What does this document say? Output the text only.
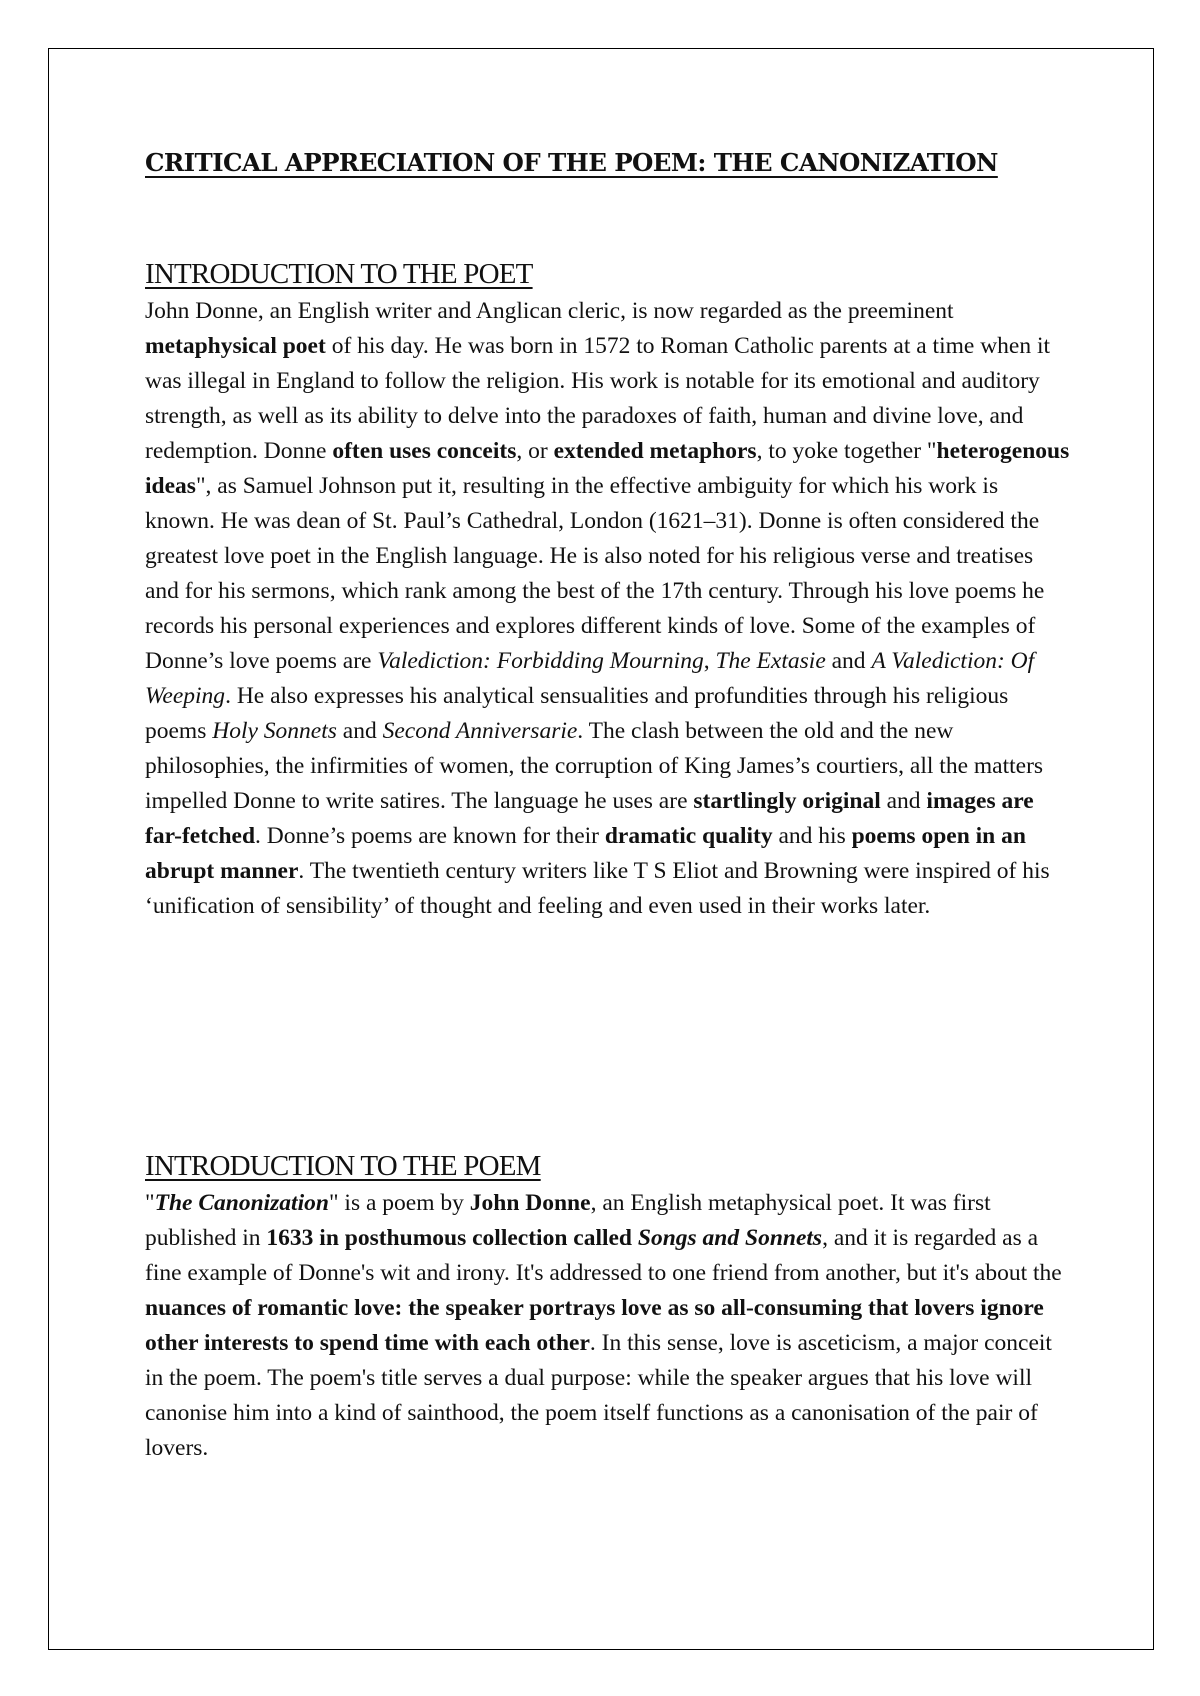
CRITICAL APPRECIATION OF THE POEM: THE CANONIZATION
INTRODUCTION TO THE POET

John Donne, an English writer and Anglican cleric, is now regarded as the preeminent metaphysical poet of his day. He was born in 1572 to Roman Catholic parents at a time when it was illegal in England to follow the religion. His work is notable for its emotional and auditory strength, as well as its ability to delve into the paradoxes of faith, human and divine love, and redemption. Donne often uses conceits, or extended metaphors, to yoke together "heterogenous ideas", as Samuel Johnson put it, resulting in the effective ambiguity for which his work is known. He was dean of St. Paul’s Cathedral, London (1621–31). Donne is often considered the greatest love poet in the English language. He is also noted for his religious verse and treatises and for his sermons, which rank among the best of the 17th century. Through his love poems he records his personal experiences and explores different kinds of love. Some of the examples of Donne’s love poems are Valediction: Forbidding Mourning, The Extasie and A Valediction: Of Weeping. He also expresses his analytical sensualities and profundities through his religious poems Holy Sonnets and Second Anniversarie. The clash between the old and the new philosophies, the infirmities of women, the corruption of King James’s courtiers, all the matters impelled Donne to write satires. The language he uses are startlingly original and images are far-fetched. Donne’s poems are known for their dramatic quality and his poems open in an abrupt manner. The twentieth century writers like T S Eliot and Browning were inspired of his ‘unification of sensibility’ of thought and feeling and even used in their works later.

INTRODUCTION TO THE POEM

"The Canonization" is a poem by John Donne, an English metaphysical poet. It was first published in 1633 in posthumous collection called Songs and Sonnets, and it is regarded as a fine example of Donne's wit and irony. It's addressed to one friend from another, but it's about the nuances of romantic love: the speaker portrays love as so all-consuming that lovers ignore other interests to spend time with each other. In this sense, love is asceticism, a major conceit in the poem. The poem's title serves a dual purpose: while the speaker argues that his love will canonise him into a kind of sainthood, the poem itself functions as a canonisation of the pair of lovers.
